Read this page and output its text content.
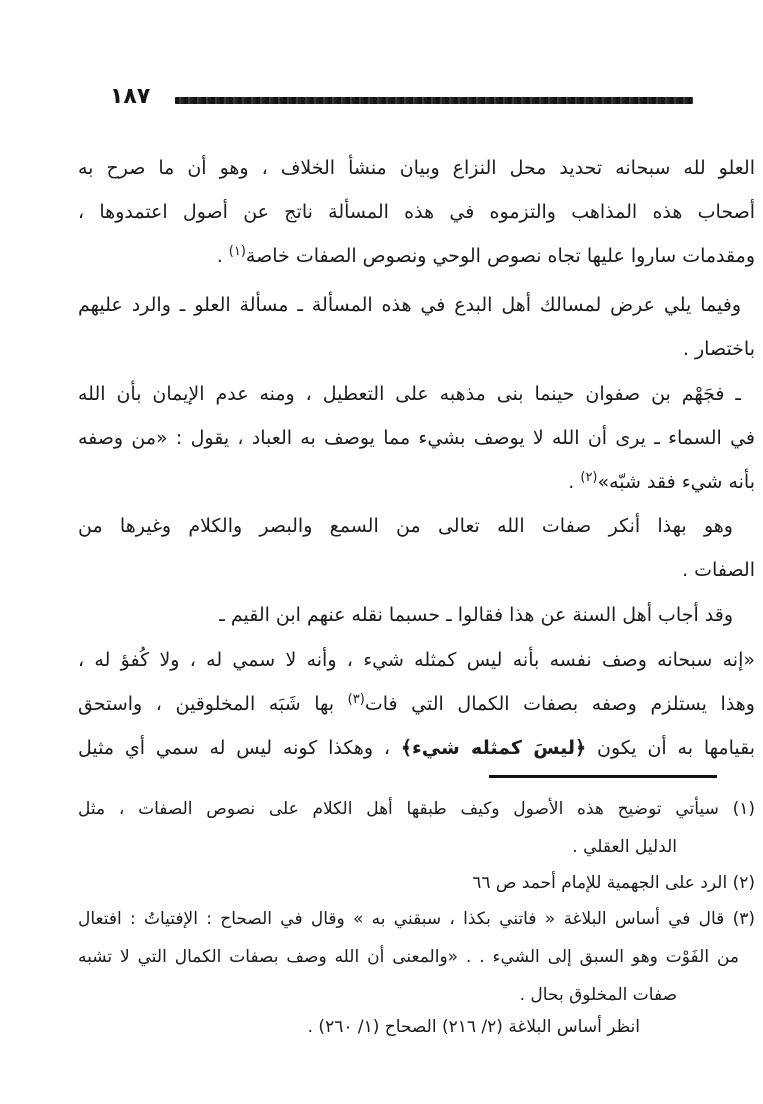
١٨٧
العلو لله سبحانه تحديد محل النزاع وبيان منشأ الخلاف ، وهو أن ما صرح به
أصحاب هذه المذاهب والتزموه في هذه المسألة ناتج عن أصول اعتمدوها ،
ومقدمات ساروا عليها تجاه نصوص الوحي ونصوص الصفات خاصة$^{(١)}$ .
وفيما يلي عرض لمسالك أهل البدع في هذه المسألة ـ مسألة العلو ـ والرد عليهم
باختصار .
ـ فجَهْم بن صفوان حينما بنى مذهبه على التعطيل ، ومنه عدم الإيمان بأن الله
في السماء ـ يرى أن الله لا يوصف بشيء مما يوصف به العباد ، يقول : «من وصفه
بأنه شيء فقد شبّه»$^{(٢)}$ .
وهو بهذا أنكر صفات الله تعالى من السمع والبصر والكلام وغيرها من
الصفات .
وقد أجاب أهل السنة عن هذا فقالوا ـ حسبما نقله عنهم ابن القيم ـ
«إنه سبحانه وصف نفسه بأنه ليس كمثله شيء ، وأنه لا سمي له ، ولا كُفؤ له ،
وهذا يستلزم وصفه بصفات الكمال التي فات$^{(٣)}$ بها شَبَه المخلوقين ، واستحق
بقيامها به أن يكون ﴿ليسَ كمثله شيء﴾ ، وهكذا كونه ليس له سمي أي مثيل
(١) سيأتي توضيح هذه الأصول وكيف طبقها أهل الكلام على نصوص الصفات ، مثل
الدليل العقلي .
(٢) الرد على الجهمية للإمام أحمد ص ٦٦
(٣) قال في أساس البلاغة « فاتني بكذا ، سبقني به » وقال في الصحاح : الإفتياتُ : افتعال
من الفَوْت وهو السبق إلى الشيء . . «والمعنى أن الله وصف بصفات الكمال التي لا تشبه
صفات المخلوق بحال .
انظر أساس البلاغة (٢/ ٢١٦) الصحاح (١/ ٢٦٠) .
